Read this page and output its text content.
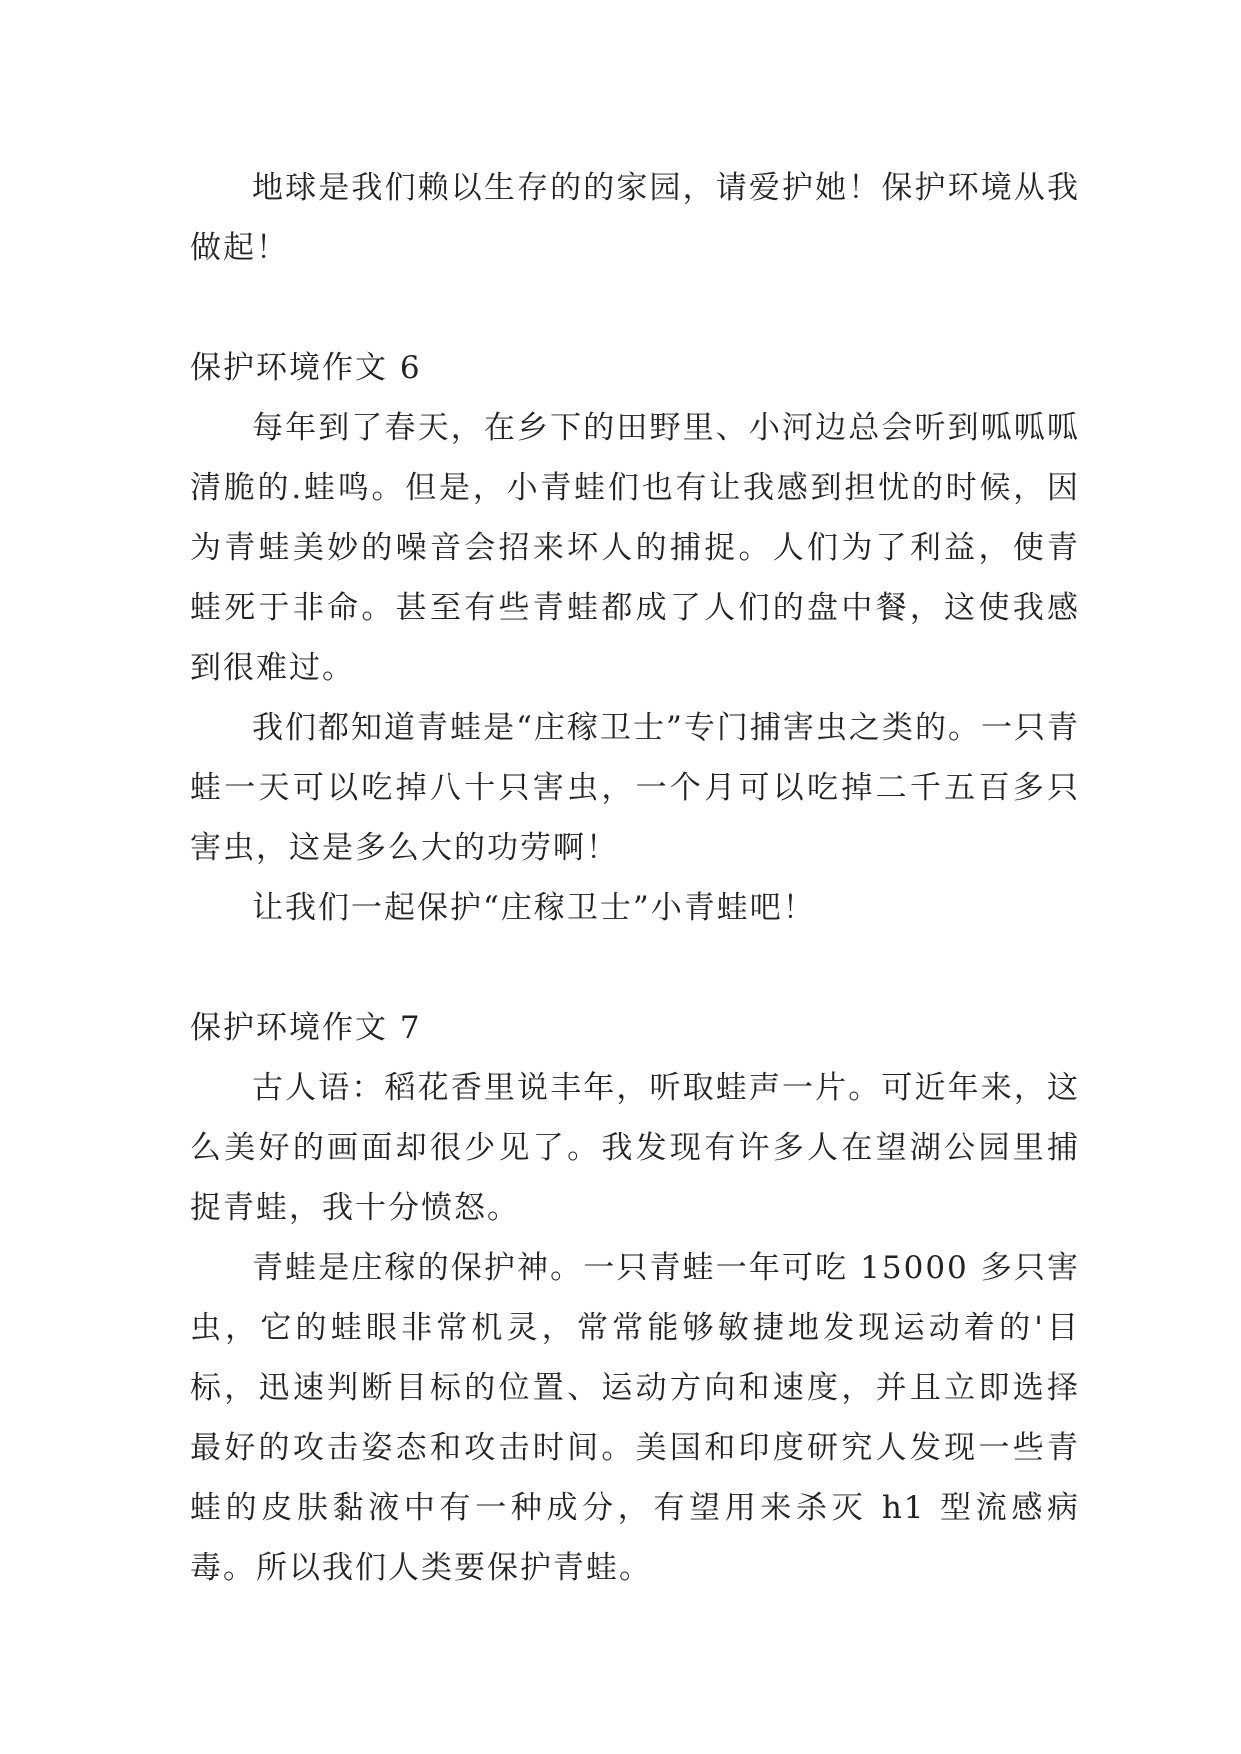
地球是我们赖以生存的的家园，请爱护她！保护环境从我做起！

保护环境作文 6

每年到了春天，在乡下的田野里、小河边总会听到呱呱呱清脆的.蛙鸣。但是，小青蛙们也有让我感到担忧的时候，因为青蛙美妙的噪音会招来坏人的捕捉。人们为了利益，使青蛙死于非命。甚至有些青蛙都成了人们的盘中餐，这使我感到很难过。

我们都知道青蛙是“庄稼卫士”专门捕害虫之类的。一只青蛙一天可以吃掉八十只害虫，一个月可以吃掉二千五百多只害虫，这是多么大的功劳啊！

让我们一起保护“庄稼卫士”小青蛙吧！

保护环境作文 7

古人语：稻花香里说丰年，听取蛙声一片。可近年来，这么美好的画面却很少见了。我发现有许多人在望湖公园里捕捉青蛙，我十分愤怒。

青蛙是庄稼的保护神。一只青蛙一年可吃 15000 多只害虫，它的蛙眼非常机灵，常常能够敏捷地发现运动着的'目标，迅速判断目标的位置、运动方向和速度，并且立即选择最好的攻击姿态和攻击时间。美国和印度研究人发现一些青蛙的皮肤黏液中有一种成分，有望用来杀灭 h1 型流感病毒。所以我们人类要保护青蛙。
